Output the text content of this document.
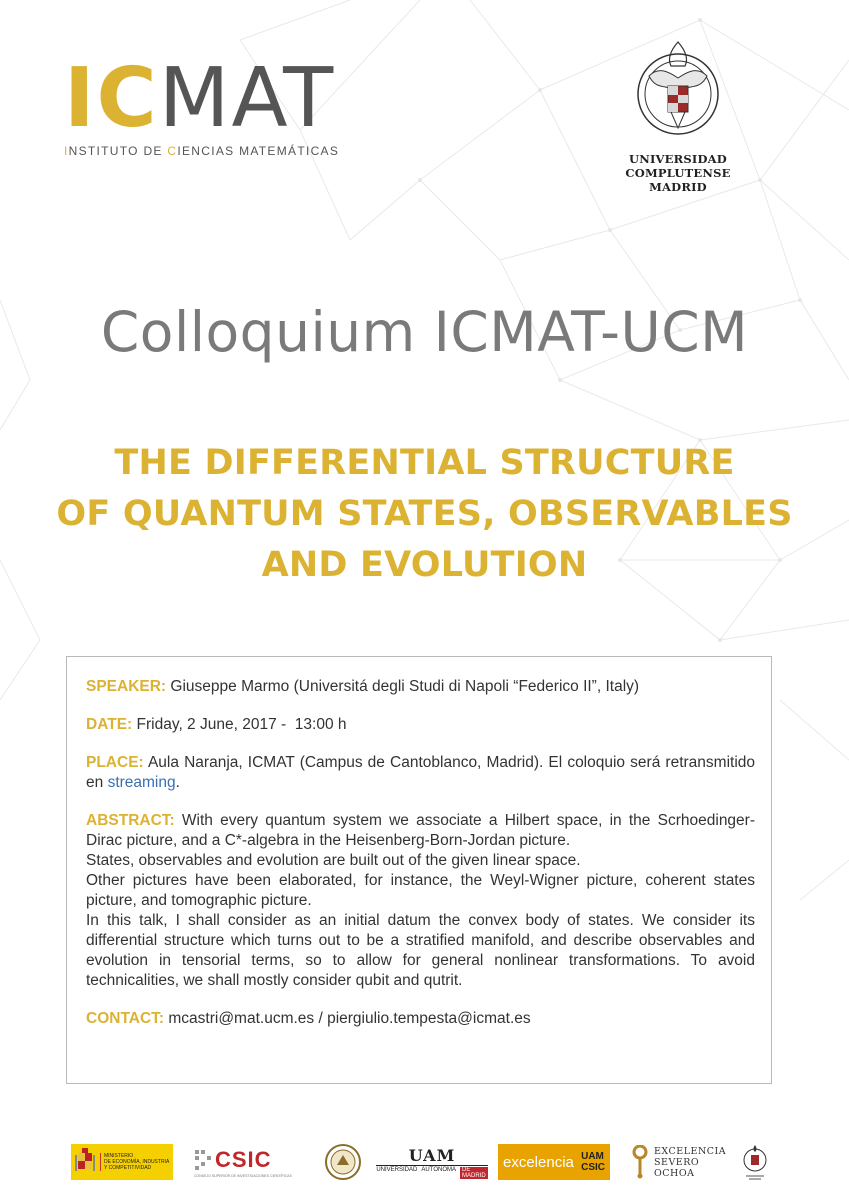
ICMAT
INSTITUTO DE CIENCIAS MATEMÁTICAS
UNIVERSIDAD COMPLUTENSE
MADRID
Colloquium ICMAT-UCM
THE DIFFERENTIAL STRUCTURE
OF QUANTUM STATES, OBSERVABLES
AND EVOLUTION

SPEAKER: Giuseppe Marmo (Universitá degli Studi di Napoli “Federico II”, Italy)

DATE: Friday, 2 June, 2017 -  13:00 h

PLACE: Aula Naranja, ICMAT (Campus de Cantoblanco, Madrid). El coloquio será retransmitido en streaming.

ABSTRACT: With every quantum system we associate a Hilbert space, in the Scrhoedinger-Dirac picture, and a C*-algebra in the Heisenberg-Born-Jordan picture.
States, observables and evolution are built out of the given linear space.
Other pictures have been elaborated, for instance, the Weyl-Wigner picture, coherent states picture, and tomographic picture.
In this talk, I shall consider as an initial datum the convex body of states. We consider its differential structure which turns out to be a stratified manifold, and describe observables and evolution in tensorial terms, so to allow for general nonlinear transformations. To avoid technicalities, we shall mostly consider qubit and qutrit.

CONTACT: mcastri@mat.ucm.es / piergiulio.tempesta@icmat.es

MINISTERIO
DE ECONOMÍA, INDUSTRIA
Y COMPETITIVIDAD	CSIC
CONSEJO SUPERIOR DE INVESTIGACIONES CIENTÍFICAS
UAM
UNIVERSIDAD AUTÓNOMA	DE MADRID
excelencia UAM
CSIC
EXCELENCIA
SEVERO
OCHOA
